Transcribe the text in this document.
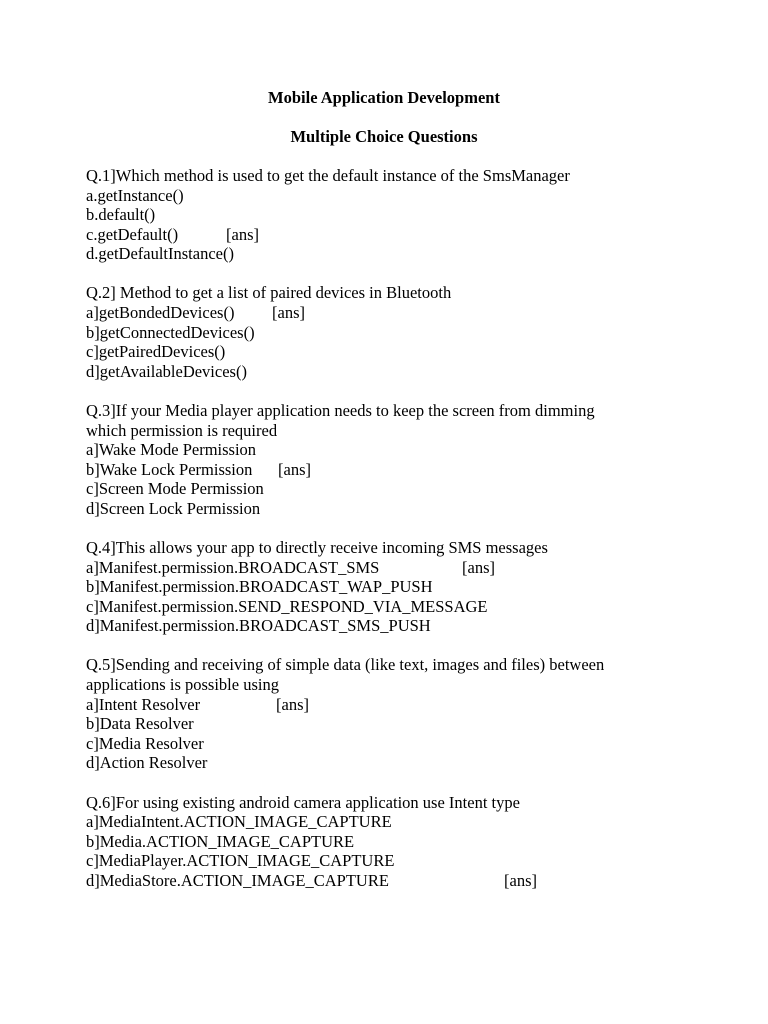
Mobile Application Development
Multiple Choice Questions
Q.1]Which method is used to get the default instance of the SmsManager
a.getInstance()
b.default()
c.getDefault()	[ans]
d.getDefaultInstance()
Q.2] Method to get a list of paired devices in Bluetooth
a]getBondedDevices() [ans]
b]getConnectedDevices()
c]getPairedDevices()
d]getAvailableDevices()
Q.3]If your Media player application needs to keep the screen from dimming
which permission is required
a]Wake Mode Permission
b]Wake Lock Permission [ans]
c]Screen Mode Permission
d]Screen Lock Permission
Q.4]This allows your app to directly receive incoming SMS messages
a]Manifest.permission.BROADCAST_SMS	[ans]
b]Manifest.permission.BROADCAST_WAP_PUSH
c]Manifest.permission.SEND_RESPOND_VIA_MESSAGE
d]Manifest.permission.BROADCAST_SMS_PUSH
Q.5]Sending and receiving of simple data (like text, images and files) between
applications is possible using
a]Intent Resolver	[ans]
b]Data Resolver
c]Media Resolver
d]Action Resolver
Q.6]For using existing android camera application use Intent type
a]MediaIntent.ACTION_IMAGE_CAPTURE
b]Media.ACTION_IMAGE_CAPTURE
c]MediaPlayer.ACTION_IMAGE_CAPTURE
d]MediaStore.ACTION_IMAGE_CAPTURE	[ans]
